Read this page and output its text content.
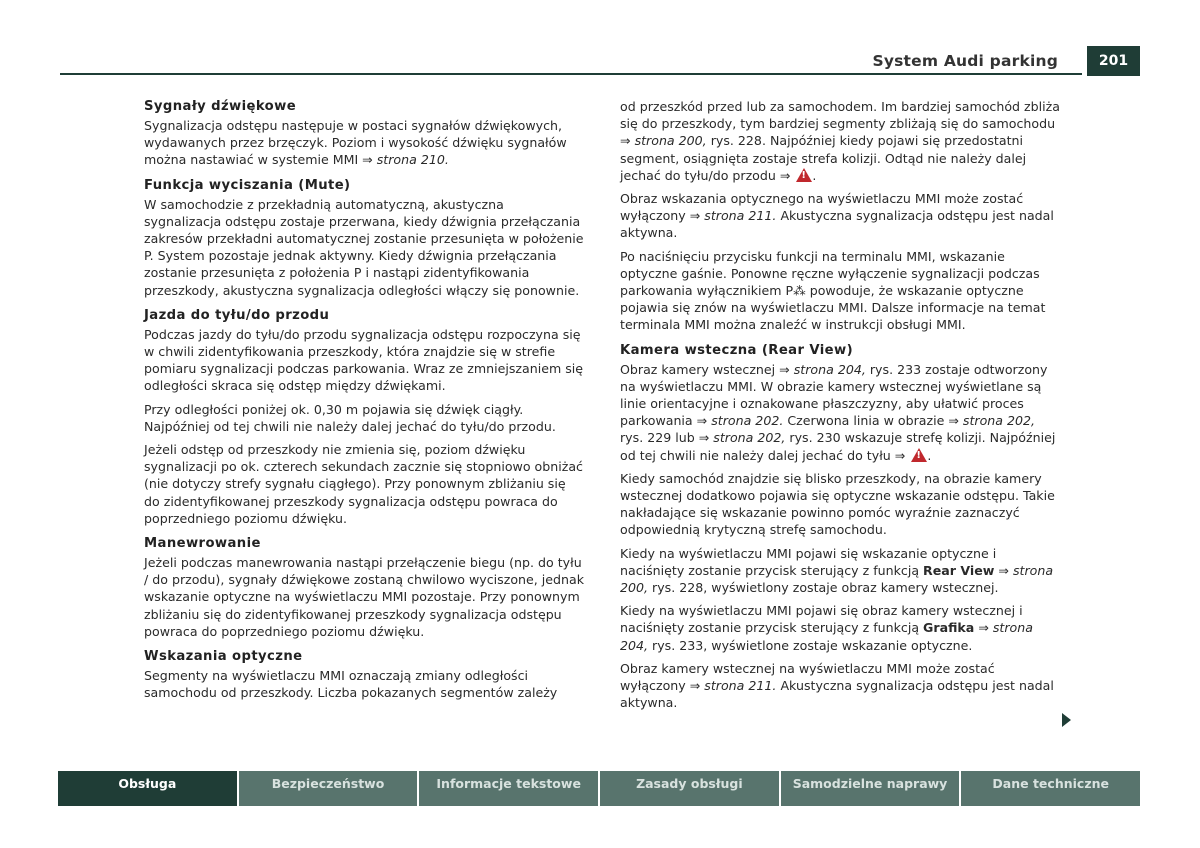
System Audi parking	201
Sygnały dźwiękowe

Sygnalizacja odstępu następuje w postaci sygnałów dźwiękowych, wydawanych przez brzęczyk. Poziom i wysokość dźwięku sygnałów można nastawiać w systemie MMI ⇒ strona 210.

Funkcja wyciszania (Mute)

W samochodzie z przekładnią automatyczną, akustyczna sygnalizacja odstępu zostaje przerwana, kiedy dźwignia przełączania zakresów przekładni automatycznej zostanie przesunięta w położenie P. System pozostaje jednak aktywny. Kiedy dźwignia przełączania zostanie przesunięta z położenia P i nastąpi zidentyfikowania przeszkody, akustyczna sygnalizacja odległości włączy się ponownie.

Jazda do tyłu/do przodu

Podczas jazdy do tyłu/do przodu sygnalizacja odstępu rozpoczyna się w chwili zidentyfikowania przeszkody, która znajdzie się w strefie pomiaru sygnalizacji podczas parkowania. Wraz ze zmniejszaniem się odległości skraca się odstęp między dźwiękami.

Przy odległości poniżej ok. 0,30 m pojawia się dźwięk ciągły. Najpóźniej od tej chwili nie należy dalej jechać do tyłu/do przodu.

Jeżeli odstęp od przeszkody nie zmienia się, poziom dźwięku sygnalizacji po ok. czterech sekundach zacznie się stopniowo obniżać (nie dotyczy strefy sygnału ciągłego). Przy ponownym zbliżaniu się do zidentyfikowanej przeszkody sygnalizacja odstępu powraca do poprzedniego poziomu dźwięku.

Manewrowanie

Jeżeli podczas manewrowania nastąpi przełączenie biegu (np. do tyłu / do przodu), sygnały dźwiękowe zostaną chwilowo wyciszone, jednak wskazanie optyczne na wyświetlaczu MMI pozostaje. Przy ponownym zbliżaniu się do zidentyfikowanej przeszkody sygnalizacja odstępu powraca do poprzedniego poziomu dźwięku.

Wskazania optyczne

Segmenty na wyświetlaczu MMI oznaczają zmiany odległości samochodu od przeszkody. Liczba pokazanych segmentów zależy

od przeszkód przed lub za samochodem. Im bardziej samochód zbliża się do przeszkody, tym bardziej segmenty zbliżają się do samochodu ⇒ strona 200, rys. 228. Najpóźniej kiedy pojawi się przedostatni segment, osiągnięta zostaje strefa kolizji. Odtąd nie należy dalej jechać do tyłu/do przodu ⇒ !.

Obraz wskazania optycznego na wyświetlaczu MMI może zostać wyłączony ⇒ strona 211. Akustyczna sygnalizacja odstępu jest nadal aktywna.

Po naciśnięciu przycisku funkcji na terminalu MMI, wskazanie optyczne gaśnie. Ponowne ręczne wyłączenie sygnalizacji podczas parkowania wyłącznikiem P⁂ powoduje, że wskazanie optyczne pojawia się znów na wyświetlaczu MMI. Dalsze informacje na temat terminala MMI można znaleźć w instrukcji obsługi MMI.

Kamera wsteczna (Rear View)

Obraz kamery wstecznej ⇒ strona 204, rys. 233 zostaje odtworzony na wyświetlaczu MMI. W obrazie kamery wstecznej wyświetlane są linie orientacyjne i oznakowane płaszczyzny, aby ułatwić proces parkowania ⇒ strona 202. Czerwona linia w obrazie ⇒ strona 202, rys. 229 lub ⇒ strona 202, rys. 230 wskazuje strefę kolizji. Najpóźniej od tej chwili nie należy dalej jechać do tyłu ⇒ !.

Kiedy samochód znajdzie się blisko przeszkody, na obrazie kamery wstecznej dodatkowo pojawia się optyczne wskazanie odstępu. Takie nakładające się wskazanie powinno pomóc wyraźnie zaznaczyć odpowiednią krytyczną strefę samochodu.

Kiedy na wyświetlaczu MMI pojawi się wskazanie optyczne i naciśnięty zostanie przycisk sterujący z funkcją Rear View ⇒ strona 200, rys. 228, wyświetlony zostaje obraz kamery wstecznej.

Kiedy na wyświetlaczu MMI pojawi się obraz kamery wstecznej i naciśnięty zostanie przycisk sterujący z funkcją Grafika ⇒ strona 204, rys. 233, wyświetlone zostaje wskazanie optyczne.

Obraz kamery wstecznej na wyświetlaczu MMI może zostać wyłączony ⇒ strona 211. Akustyczna sygnalizacja odstępu jest nadal aktywna.

Obsługa	Bezpieczeństwo	Informacje tekstowe	Zasady obsługi	Samodzielne naprawy	Dane techniczne
